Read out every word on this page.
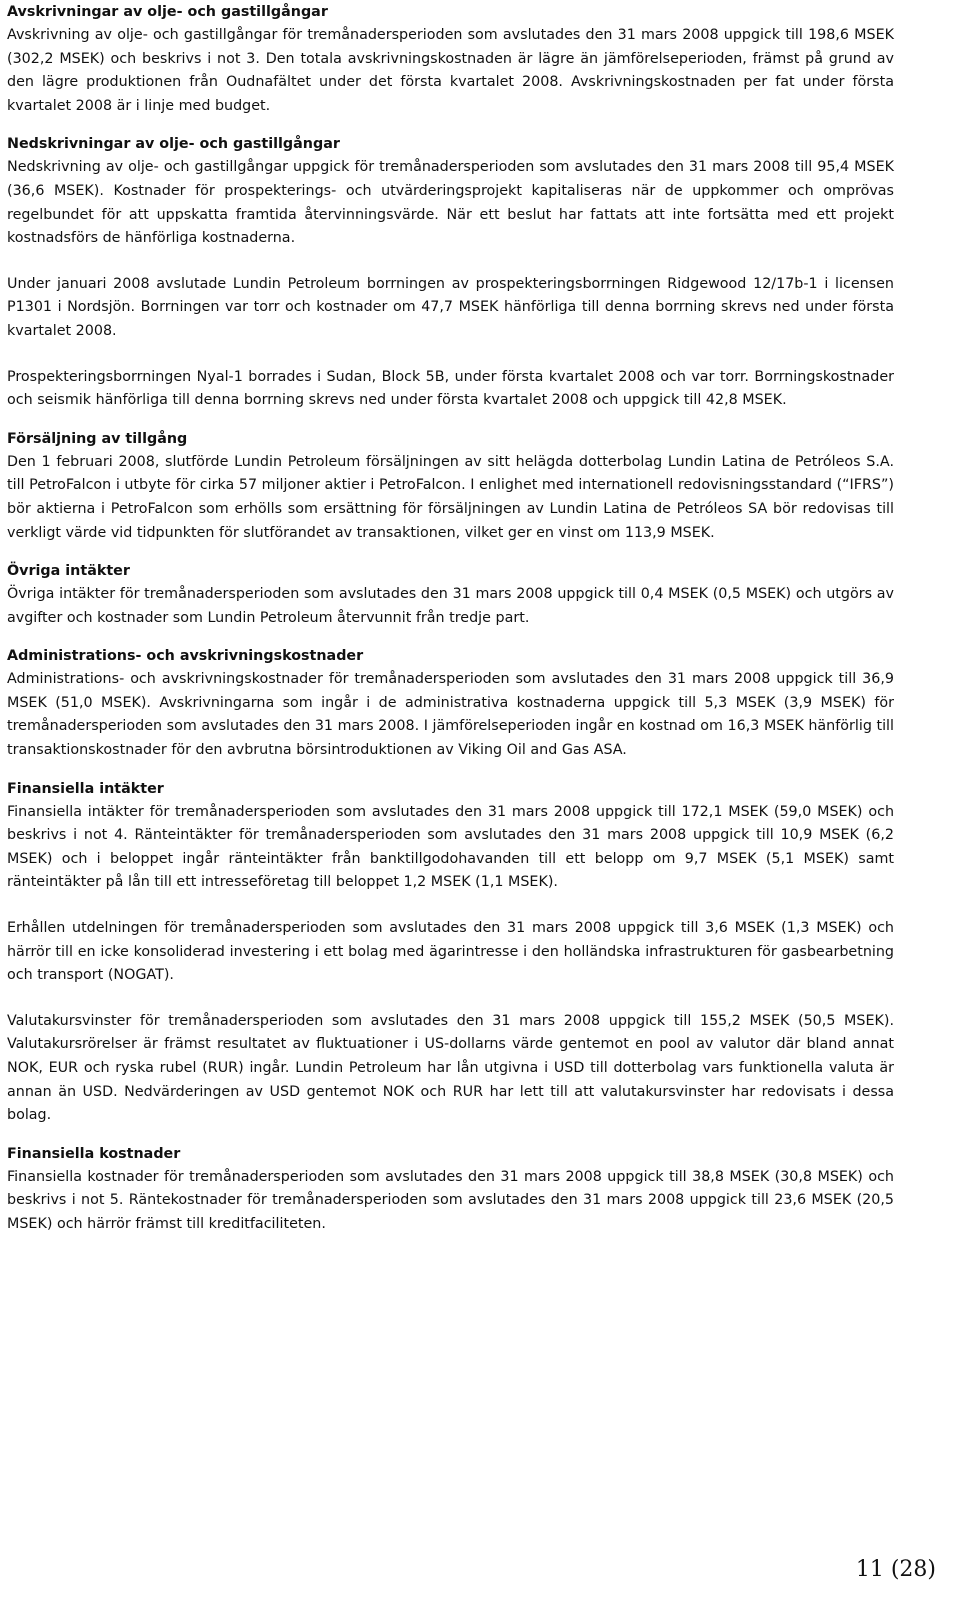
Avskrivningar av olje- och gastillgångar

Avskrivning av olje- och gastillgångar för tremånadersperioden som avslutades den 31 mars 2008 uppgick till 198,6 MSEK (302,2 MSEK) och beskrivs i not 3. Den totala avskrivningskostnaden är lägre än jämförelseperioden, främst på grund av den lägre produktionen från Oudnafältet under det första kvartalet 2008. Avskrivningskostnaden per fat under första kvartalet 2008 är i linje med budget.

Nedskrivningar av olje- och gastillgångar

Nedskrivning av olje- och gastillgångar uppgick för tremånadersperioden som avslutades den 31 mars 2008 till 95,4 MSEK (36,6 MSEK). Kostnader för prospekterings- och utvärderingsprojekt kapitaliseras när de uppkommer och omprövas regelbundet för att uppskatta framtida återvinningsvärde. När ett beslut har fattats att inte fortsätta med ett projekt kostnadsförs de hänförliga kostnaderna.

Under januari 2008 avslutade Lundin Petroleum borrningen av prospekteringsborrningen Ridgewood 12/17b-1 i licensen P1301 i Nordsjön. Borrningen var torr och kostnader om 47,7 MSEK hänförliga till denna borrning skrevs ned under första kvartalet 2008.

Prospekteringsborrningen Nyal-1 borrades i Sudan, Block 5B, under första kvartalet 2008 och var torr. Borrningskostnader och seismik hänförliga till denna borrning skrevs ned under första kvartalet 2008 och uppgick till 42,8 MSEK.

Försäljning av tillgång

Den 1 februari 2008, slutförde Lundin Petroleum försäljningen av sitt helägda dotterbolag Lundin Latina de Petróleos S.A. till PetroFalcon i utbyte för cirka 57 miljoner aktier i PetroFalcon. I enlighet med internationell redovisningsstandard (“IFRS”) bör aktierna i PetroFalcon som erhölls som ersättning för försäljningen av Lundin Latina de Petróleos SA bör redovisas till verkligt värde vid tidpunkten för slutförandet av transaktionen, vilket ger en vinst om 113,9 MSEK.

Övriga intäkter

Övriga intäkter för tremånadersperioden som avslutades den 31 mars 2008 uppgick till 0,4 MSEK (0,5 MSEK) och utgörs av avgifter och kostnader som Lundin Petroleum återvunnit från tredje part.

Administrations- och avskrivningskostnader

Administrations- och avskrivningskostnader för tremånadersperioden som avslutades den 31 mars 2008 uppgick till 36,9 MSEK (51,0 MSEK). Avskrivningarna som ingår i de administrativa kostnaderna uppgick till 5,3 MSEK (3,9 MSEK) för tremånadersperioden som avslutades den 31 mars 2008. I jämförelseperioden ingår en kostnad om 16,3 MSEK hänförlig till transaktionskostnader för den avbrutna börsintroduktionen av Viking Oil and Gas ASA.

Finansiella intäkter

Finansiella intäkter för tremånadersperioden som avslutades den 31 mars 2008 uppgick till 172,1 MSEK (59,0 MSEK) och beskrivs i not 4. Ränteintäkter för tremånadersperioden som avslutades den 31 mars 2008 uppgick till 10,9 MSEK (6,2 MSEK) och i beloppet ingår ränteintäkter från banktillgodohavanden till ett belopp om 9,7 MSEK (5,1 MSEK) samt ränteintäkter på lån till ett intresseföretag till beloppet 1,2 MSEK (1,1 MSEK).

Erhållen utdelningen för tremånadersperioden som avslutades den 31 mars 2008 uppgick till 3,6 MSEK (1,3 MSEK) och härrör till en icke konsoliderad investering i ett bolag med ägarintresse i den holländska infrastrukturen för gasbearbetning och transport (NOGAT).

Valutakursvinster för tremånadersperioden som avslutades den 31 mars 2008 uppgick till 155,2 MSEK (50,5 MSEK). Valutakursrörelser är främst resultatet av fluktuationer i US-dollarns värde gentemot en pool av valutor där bland annat NOK, EUR och ryska rubel (RUR) ingår. Lundin Petroleum har lån utgivna i USD till dotterbolag vars funktionella valuta är annan än USD. Nedvärderingen av USD gentemot NOK och RUR har lett till att valutakursvinster har redovisats i dessa bolag.

Finansiella kostnader

Finansiella kostnader för tremånadersperioden som avslutades den 31 mars 2008 uppgick till 38,8 MSEK (30,8 MSEK) och beskrivs i not 5. Räntekostnader för tremånadersperioden som avslutades den 31 mars 2008 uppgick till 23,6 MSEK (20,5 MSEK) och härrör främst till kreditfaciliteten.

11 (28)
